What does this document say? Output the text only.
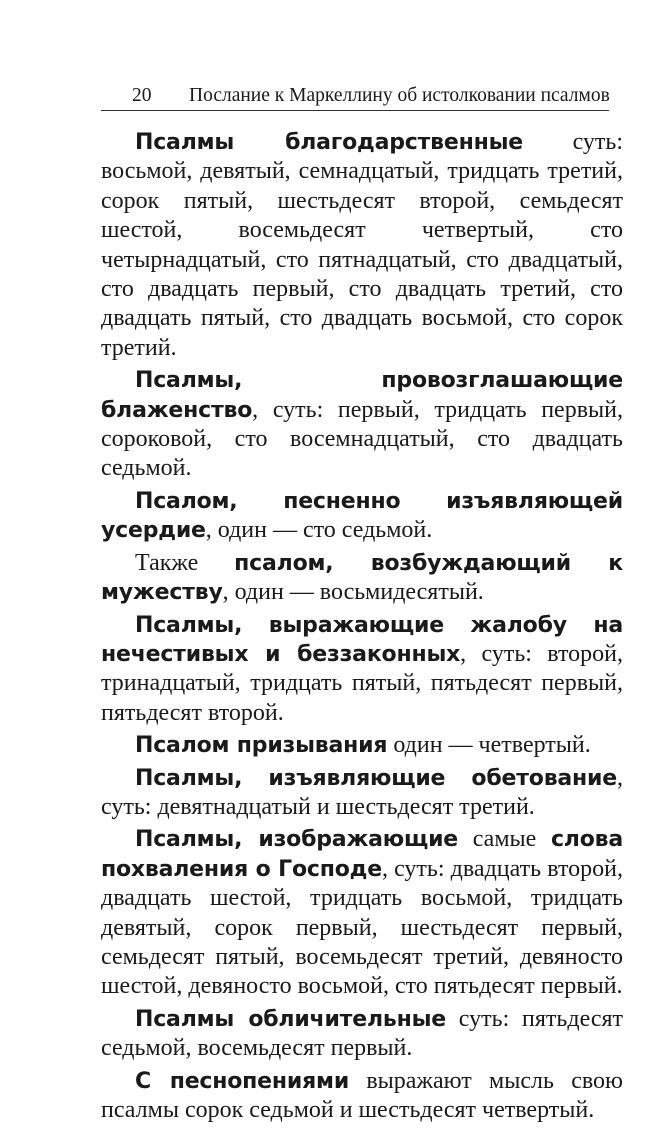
20 Послание к Маркеллину об истолковании псалмов

Псалмы благодарственные суть: восьмой, девятый, семнадцатый, тридцать третий, сорок пятый, шестьдесят второй, семьдесят шестой, восемьдесят четвертый, сто четырнадцатый, сто пятнадцатый, сто двадцатый, сто двадцать первый, сто двадцать третий, сто двадцать пятый, сто двадцать восьмой, сто сорок третий.

Псалмы, провозглашающие блаженство, суть: первый, тридцать первый, сороковой, сто восемнадцатый, сто двадцать седьмой.

Псалом, песненно изъявляющей усердие, один — сто седьмой.

Также псалом, возбуждающий к мужеству, один — восьмидесятый.

Псалмы, выражающие жалобу на нечестивых и беззаконных, суть: второй, тринадцатый, тридцать пятый, пятьдесят первый, пятьдесят второй.

Псалом призывания один — четвертый.

Псалмы, изъявляющие обетование, суть: девятнадцатый и шестьдесят третий.

Псалмы, изображающие самые слова похваления о Господе, суть: двадцать второй, двадцать шестой, тридцать восьмой, тридцать девятый, сорок первый, шестьдесят первый, семьдесят пятый, восемьдесят третий, девяносто шестой, девяносто восьмой, сто пятьдесят первый.

Псалмы обличительные суть: пятьдесят седьмой, восемьдесят первый.

С песнопениями выражают мысль свою псалмы сорок седьмой и шестьдесят четвертый.
